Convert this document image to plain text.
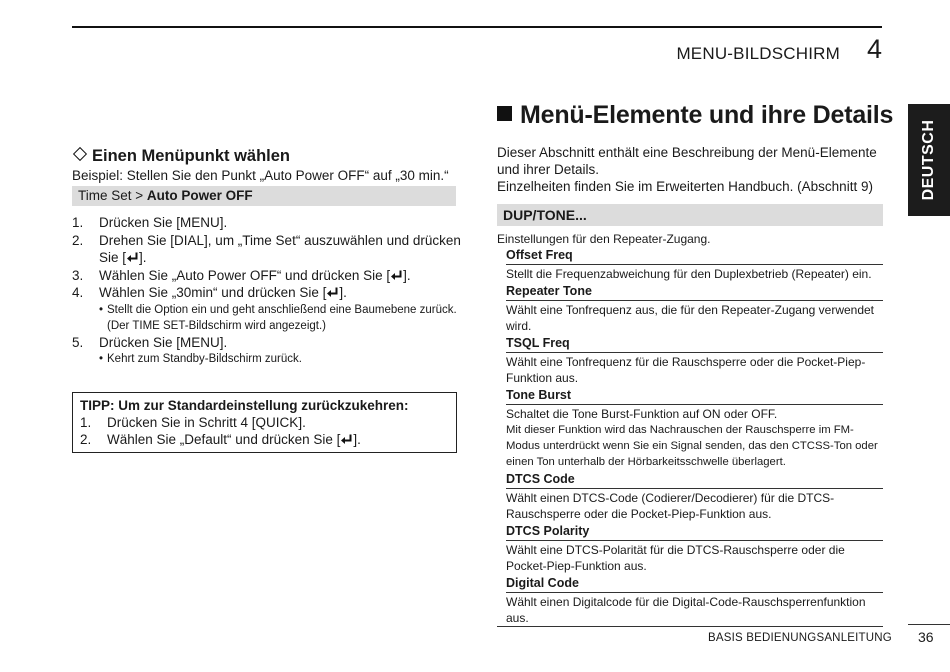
MENU-BILDSCHIRM 4
Einen Menüpunkt wählen
Beispiel: Stellen Sie den Punkt „Auto Power OFF“ auf „30 min.“
Time Set > Auto Power OFF
1. Drücken Sie [MENU].
2. Drehen Sie [DIAL], um „Time Set“ auszuwählen und drücken Sie [ ].
3. Wählen Sie „Auto Power OFF“ und drücken Sie [ ].
4. Wählen Sie „30min“ und drücken Sie [ ].
• Stellt die Option ein und geht anschließend eine Baumebene zurück.
(Der TIME SET-Bildschirm wird angezeigt.)
5. Drücken Sie [MENU].
• Kehrt zum Standby-Bildschirm zurück.
TIPP: Um zur Standardeinstellung zurückzukehren:
1. Drücken Sie in Schritt 4 [QUICK].
2. Wählen Sie „Default“ und drücken Sie [ ].
Menü-Elemente und ihre Details
Dieser Abschnitt enthält eine Beschreibung der Menü-Elemente und ihrer Details.
Einzelheiten finden Sie im Erweiterten Handbuch. (Abschnitt 9)
DUP/TONE...
Einstellungen für den Repeater-Zugang.
Offset Freq
Stellt die Frequenzabweichung für den Duplexbetrieb (Repeater) ein.
Repeater Tone
Wählt eine Tonfrequenz aus, die für den Repeater-Zugang verwendet wird.
TSQL Freq
Wählt eine Tonfrequenz für die Rauschsperre oder die Pocket-Piep-Funktion aus.
Tone Burst
Schaltet die Tone Burst-Funktion auf ON oder OFF.
Mit dieser Funktion wird das Nachrauschen der Rauschsperre im FM-Modus unterdrückt wenn Sie ein Signal senden, das den CTCSS-Ton oder einen Ton unterhalb der Hörbarkeitsschwelle überlagert.
DTCS Code
Wählt einen DTCS-Code (Codierer/Decodierer) für die DTCS-Rauschsperre oder die Pocket-Piep-Funktion aus.
DTCS Polarity
Wählt eine DTCS-Polarität für die DTCS-Rauschsperre oder die Pocket-Piep-Funktion aus.
Digital Code
Wählt einen Digitalcode für die Digital-Code-Rauschsperrenfunktion aus.
DEUTSCH
BASIS BEDIENUNGSANLEITUNG 36
